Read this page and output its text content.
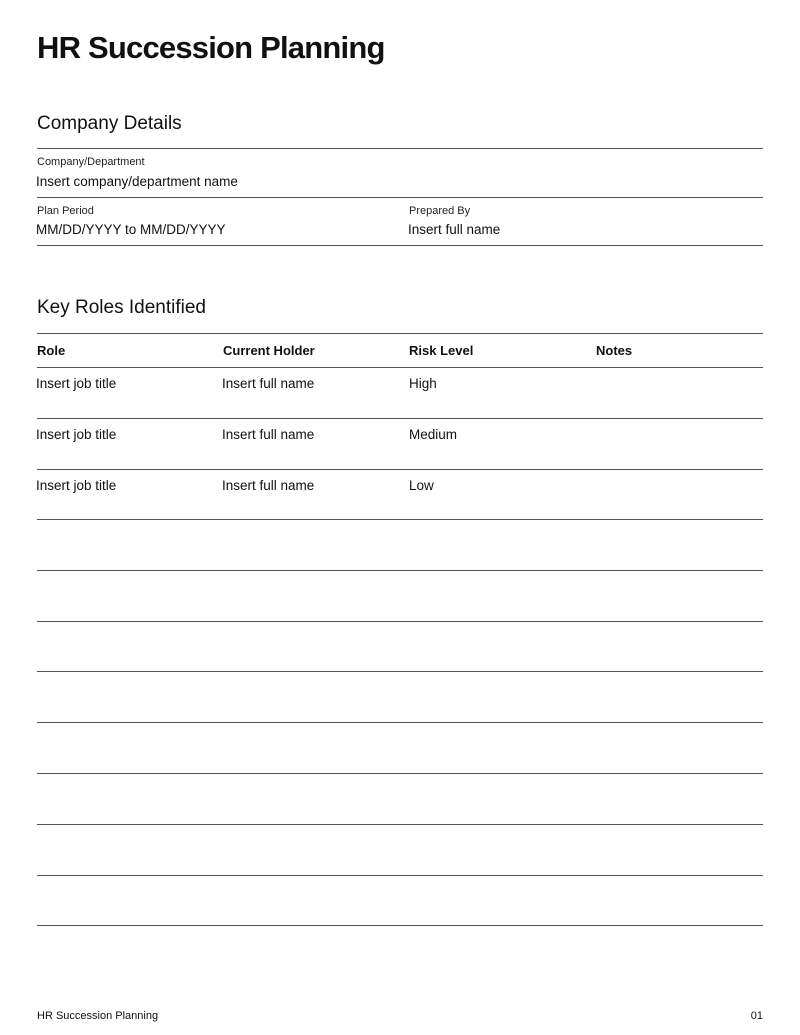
HR Succession Planning
Company Details
Company/Department
Insert company/department name
Plan Period
MM/DD/YYYY to MM/DD/YYYY
Prepared By
Insert full name
Key Roles Identified
Role	Current Holder	Risk Level	Notes
Insert job title	Insert full name	High
Insert job title	Insert full name	Medium
Insert job title	Insert full name	Low
HR Succession Planning	01
